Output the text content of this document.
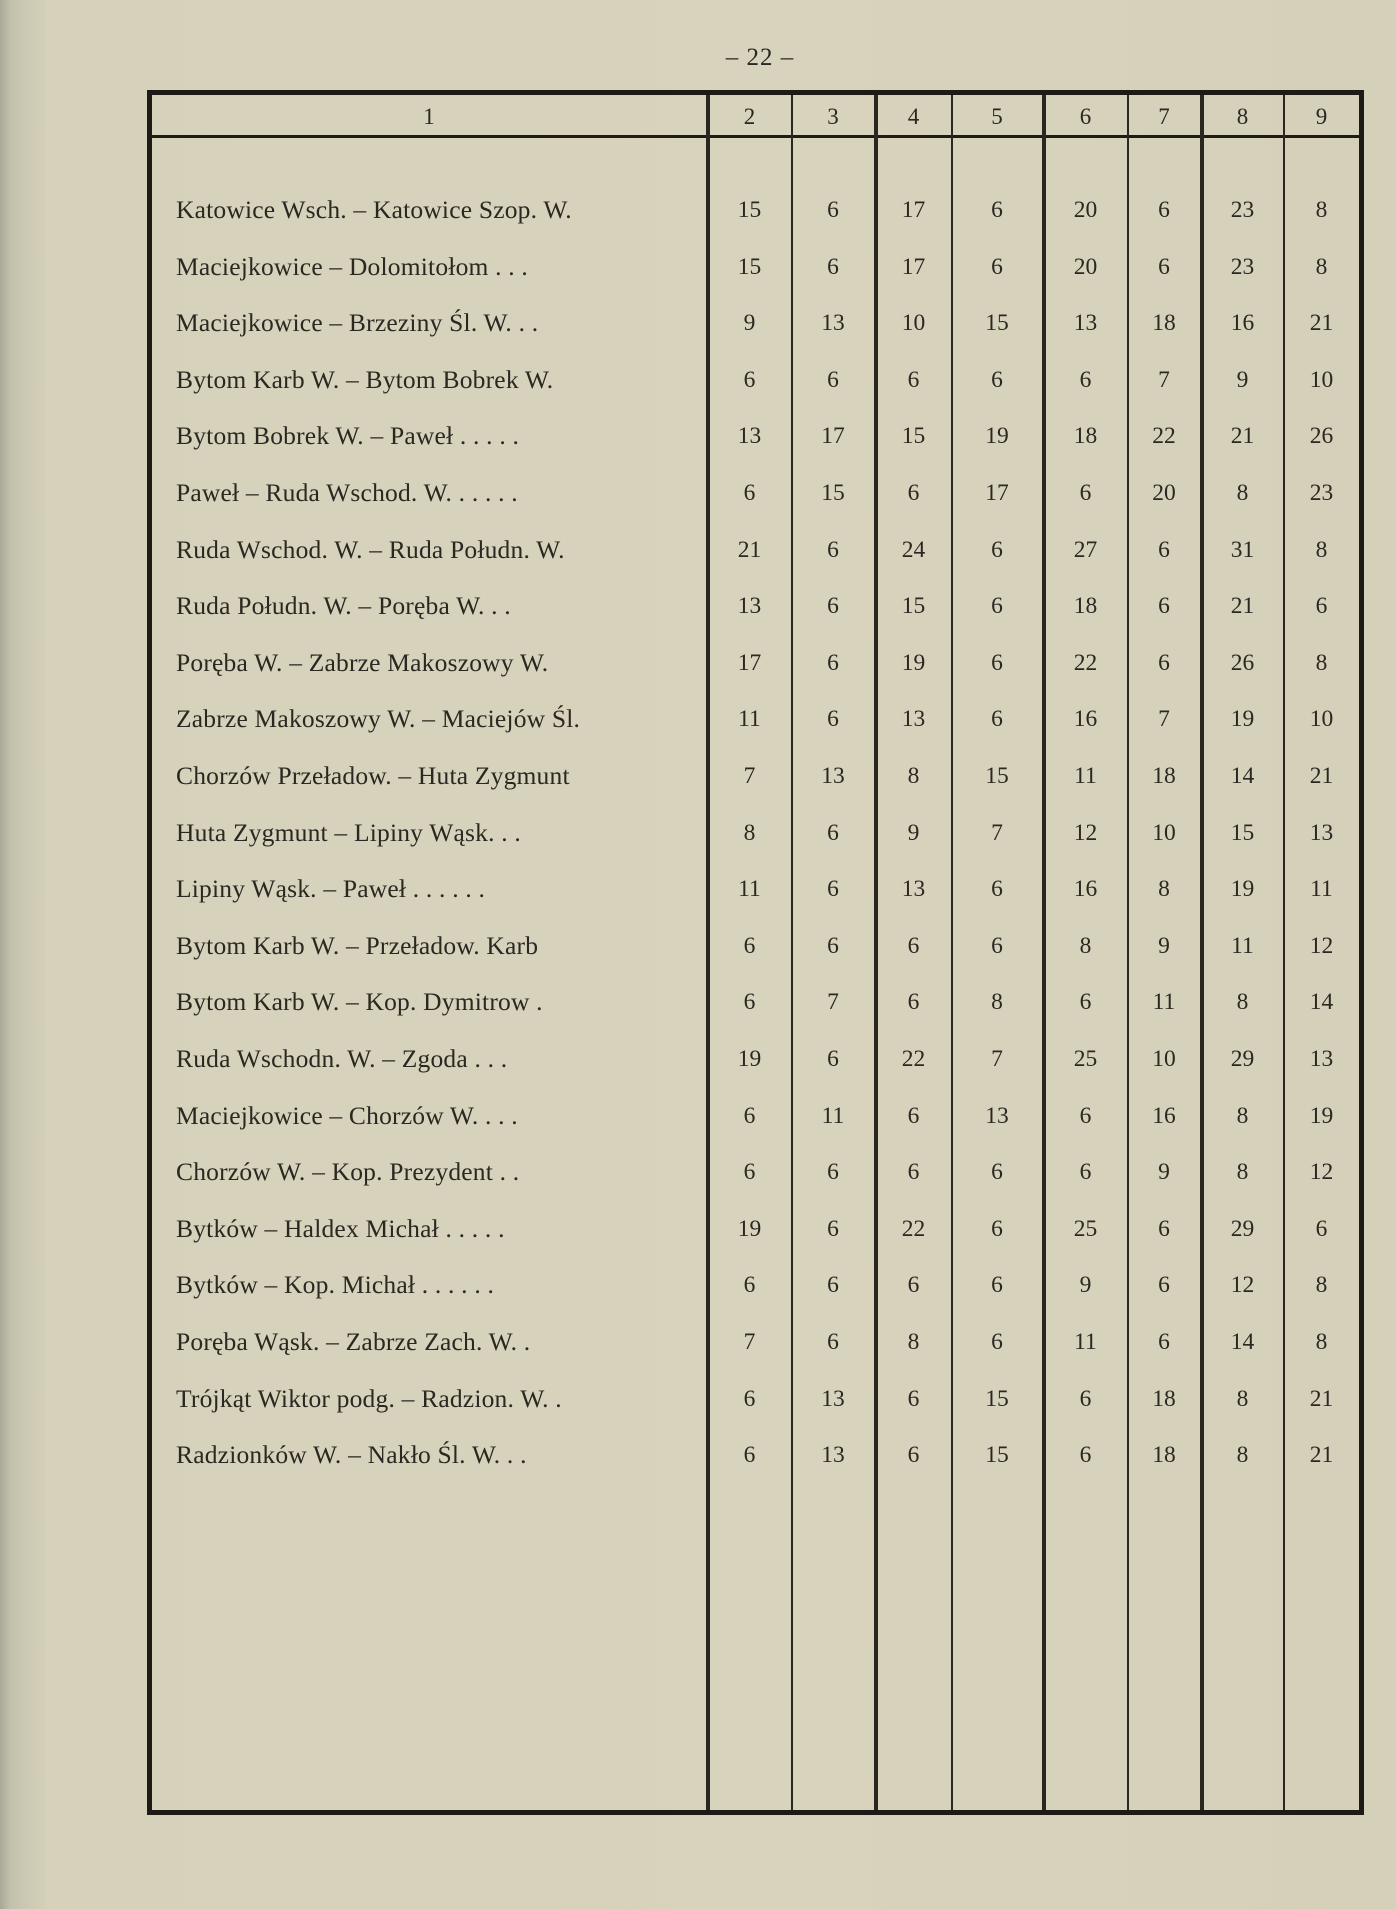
– 22 –
1	2	3	4	5	6	7	8	9
Katowice Wsch. – Katowice Szop. W.	15	6	17	6	20	6	23	8
Maciejkowice – Dolomitołom . . .	15	6	17	6	20	6	23	8
Maciejkowice – Brzeziny Śl. W. . .	9	13	10	15	13	18	16	21
Bytom Karb W. – Bytom Bobrek W.	6	6	6	6	6	7	9	10
Bytom Bobrek W. – Paweł . . . . .	13	17	15	19	18	22	21	26
Paweł – Ruda Wschod. W. . . . . .	6	15	6	17	6	20	8	23
Ruda Wschod. W. – Ruda Połudn. W.	21	6	24	6	27	6	31	8
Ruda Połudn. W. – Poręba W. . .	13	6	15	6	18	6	21	6
Poręba W. – Zabrze Makoszowy W.	17	6	19	6	22	6	26	8
Zabrze Makoszowy W. – Maciejów Śl.	11	6	13	6	16	7	19	10
Chorzów Przeładow. – Huta Zygmunt	7	13	8	15	11	18	14	21
Huta Zygmunt – Lipiny Wąsk. . .	8	6	9	7	12	10	15	13
Lipiny Wąsk. – Paweł . . . . . .	11	6	13	6	16	8	19	11
Bytom Karb W. – Przeładow. Karb	6	6	6	6	8	9	11	12
Bytom Karb W. – Kop. Dymitrow .	6	7	6	8	6	11	8	14
Ruda Wschodn. W. – Zgoda . . .	19	6	22	7	25	10	29	13
Maciejkowice – Chorzów W. . . .	6	11	6	13	6	16	8	19
Chorzów W. – Kop. Prezydent . .	6	6	6	6	6	9	8	12
Bytków – Haldex Michał . . . . .	19	6	22	6	25	6	29	6
Bytków – Kop. Michał . . . . . .	6	6	6	6	9	6	12	8
Poręba Wąsk. – Zabrze Zach. W. .	7	6	8	6	11	6	14	8
Trójkąt Wiktor podg. – Radzion. W. .	6	13	6	15	6	18	8	21
Radzionków W. – Nakło Śl. W. . .	6	13	6	15	6	18	8	21
